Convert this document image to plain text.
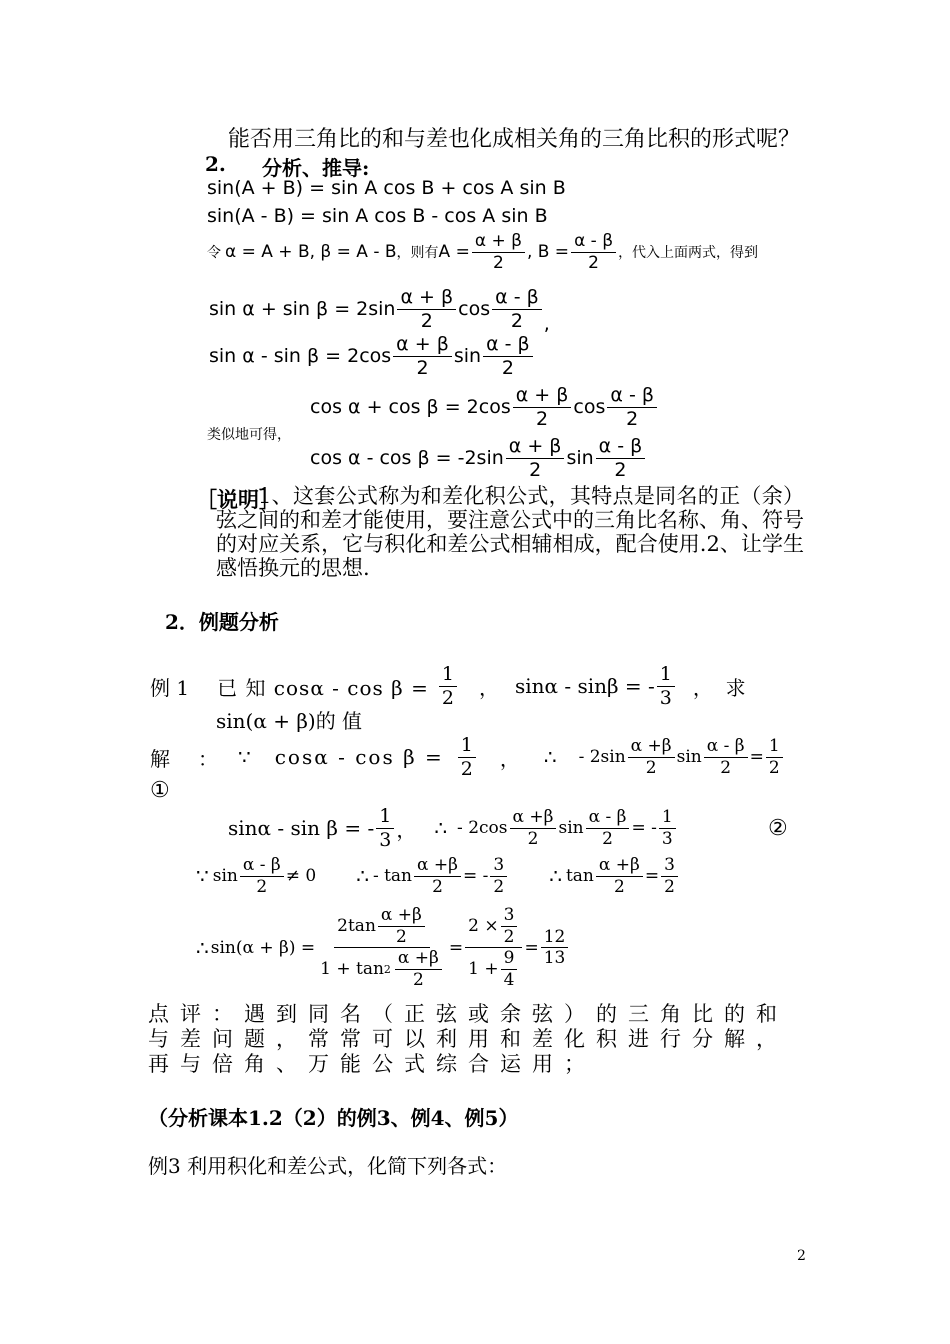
能否用三角比的和与差也化成相关角的三角比积的形式呢？
2. 分析、推导:
sin(A + B) = sin A cos B + cos A sin B
sin(A - B) = sin A cos B - cos A sin B
令 α = A + B, β = A - B ，则有 $A = \frac{\alpha + \beta}{2}$ , $B = \frac{\alpha - \beta}{2}$ ，代入上面两式，得到
$\sin \alpha + \sin \beta = 2\sin \frac{\alpha + \beta}{2}$ $\cos \frac{\alpha - \beta}{2}$ ,
$\sin \alpha - \sin \beta = 2\cos \frac{\alpha + \beta}{2}$ $\sin \frac{\alpha - \beta}{2}$
$\cos \alpha + \cos \beta = 2\cos \frac{\alpha + \beta}{2}$ $\cos \frac{\alpha - \beta}{2}$
类似地可得，
$\cos \alpha - \cos \beta = -2\sin \frac{\alpha + \beta}{2}$ $\sin \frac{\alpha - \beta}{2}$
［说明］
1、这套公式称为和差化积公式，其特点是同名的正（余）弦之间的和差才能使用，要注意公式中的三角比名称、角、符号的对应关系，它与积化和差公式相辅相成，配合使用.2、让学生感悟换元的思想.
2．例题分析
例 1 已 知 $\cos\alpha - \cos \beta = \frac{1}{2}$ ， sinα - sinβ = - $\frac{1}{3}$ ，  求
sin(α + β)的 值
解 ： ∵ $\cos\alpha - \cos \beta = \frac{1}{2}$ ， ∴ - $2\sin \frac{\alpha +\beta}{2}$ $\sin \frac{\alpha - \beta}{2} = \frac{1}{2}$
①
sinα - sin β = - $\frac{1}{3}$ ， ∴ - $2\cos \frac{\alpha +\beta}{2}$ $\sin \frac{\alpha - \beta}{2}$ = - $\frac{1}{3}$	②
∵ $\sin \frac{\alpha - \beta}{2} \ne 0$ ∴ - $\tan \frac{\alpha +\beta}{2}$ = - $\frac{3}{2}$ ∴ $\tan \frac{\alpha +\beta}{2} = \frac{3}{2}$
∴ $\sin(\alpha + \beta) = \frac{2\tan \frac{\alpha +\beta}{2}}{1 + \tan 2 \frac{\alpha +\beta}{2}} = \frac{2 \times \frac{3}{2}}{1 + \frac{9}{4}} = \frac{12}{13}$
点评：遇到同名（正弦或余弦）的三角比的和与差问题，常常可以利用和差化积进行分解，再与倍角、万能公式综合运用；
（分析课本1.2（2）的例3、例4、例5）
例3 利用积化和差公式，化简下列各式：
2
